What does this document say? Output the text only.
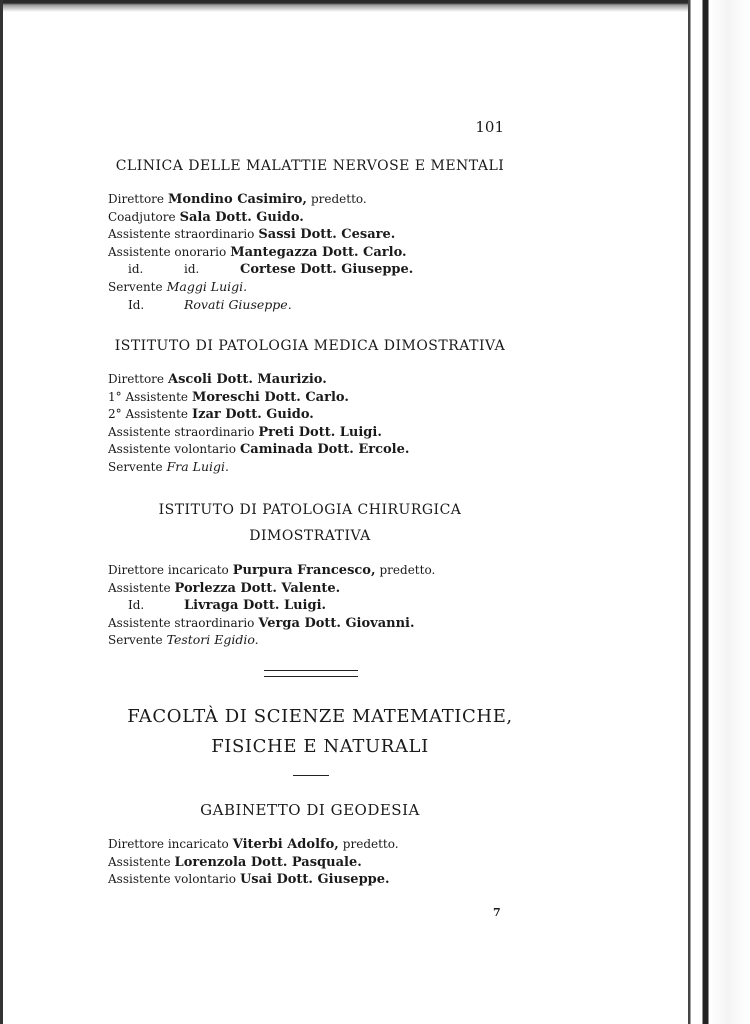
101
CLINICA DELLE MALATTIE NERVOSE E MENTALI
Direttore Mondino Casimiro, predetto.
Coadjutore Sala Dott. Guido.
Assistente straordinario Sassi Dott. Cesare.
Assistente onorario Mantegazza Dott. Carlo.
id.	id.	Cortese Dott. Giuseppe.
Servente Maggi Luigi.
Id.	Rovati Giuseppe.
ISTITUTO DI PATOLOGIA MEDICA DIMOSTRATIVA
Direttore Ascoli Dott. Maurizio.
1° Assistente Moreschi Dott. Carlo.
2° Assistente Izar Dott. Guido.
Assistente straordinario Preti Dott. Luigi.
Assistente volontario Caminada Dott. Ercole.
Servente Fra Luigi.
ISTITUTO DI PATOLOGIA CHIRURGICA
DIMOSTRATIVA
Direttore incaricato Purpura Francesco, predetto.
Assistente Porlezza Dott. Valente.
Id.	Livraga Dott. Luigi.
Assistente straordinario Verga Dott. Giovanni.
Servente Testori Egidio.
FACOLTÀ DI SCIENZE MATEMATICHE,
FISICHE E NATURALI
GABINETTO DI GEODESIA
Direttore incaricato Viterbi Adolfo, predetto.
Assistente Lorenzola Dott. Pasquale.
Assistente volontario Usai Dott. Giuseppe.
7
